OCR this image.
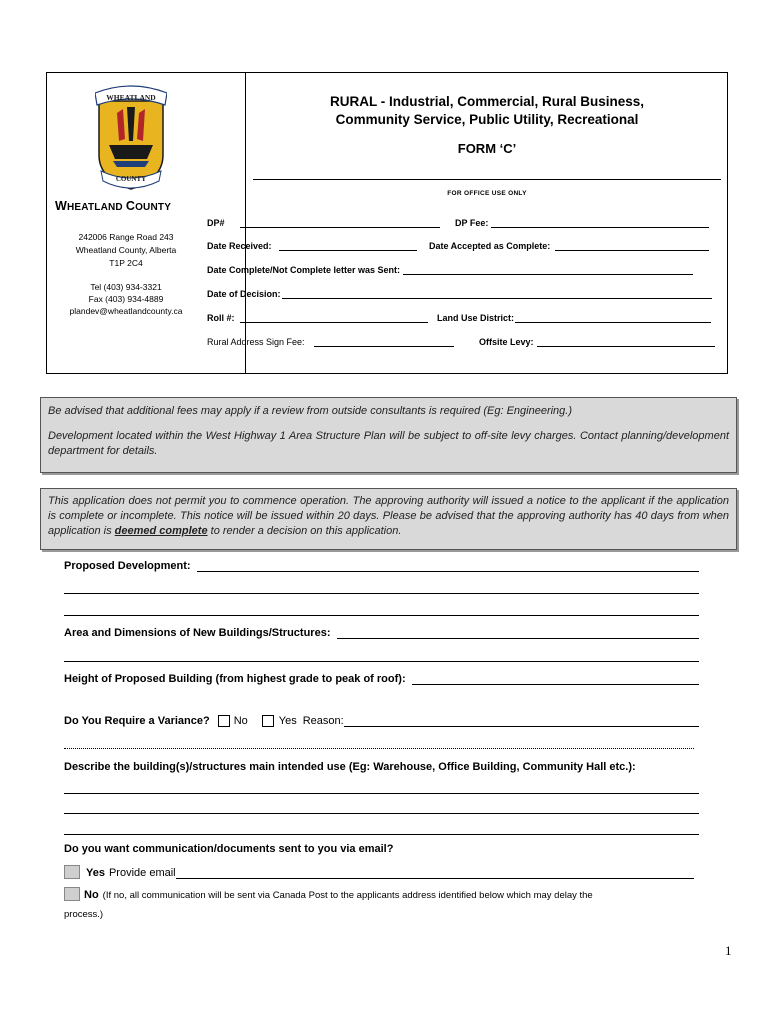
WHEATLAND
COUNTY
WHEATLAND COUNTY
242006 Range Road 243
Wheatland County, Alberta
T1P 2C4
Tel (403) 934-3321
Fax (403) 934-4889
plandev@wheatlandcounty.ca
RURAL - Industrial, Commercial, Rural Business,
Community Service, Public Utility, Recreational
FORM ‘C’
FOR OFFICE USE ONLY
DP#	DP Fee:
Date Received:	Date Accepted as Complete:
Date Complete/Not Complete letter was Sent:
Date of Decision:
Roll #:	Land Use District:
Rural Address Sign Fee:	Offsite Levy:

Be advised that additional fees may apply if a review from outside consultants is required (Eg: Engineering.)

Development located within the West Highway 1 Area Structure Plan will be subject to off-site levy charges. Contact planning/development department for details.

This application does not permit you to commence operation. The approving authority will issued a notice to the applicant if the application is complete or incomplete. This notice will be issued within 20 days. Please be advised that the approving authority has 40 days from when application is deemed complete to render a decision on this application.
Proposed Development:
Area and Dimensions of New Buildings/Structures:
Height of Proposed Building (from highest grade to peak of roof):
Do You Require a Variance? No	Yes Reason:
Describe the building(s)/structures main intended use (Eg: Warehouse, Office Building, Community Hall etc.):
Do you want communication/documents sent to you via email?
Yes Provide email
No (If no, all communication will be sent via Canada Post to the applicants address identified below which may delay the
process.)
1
